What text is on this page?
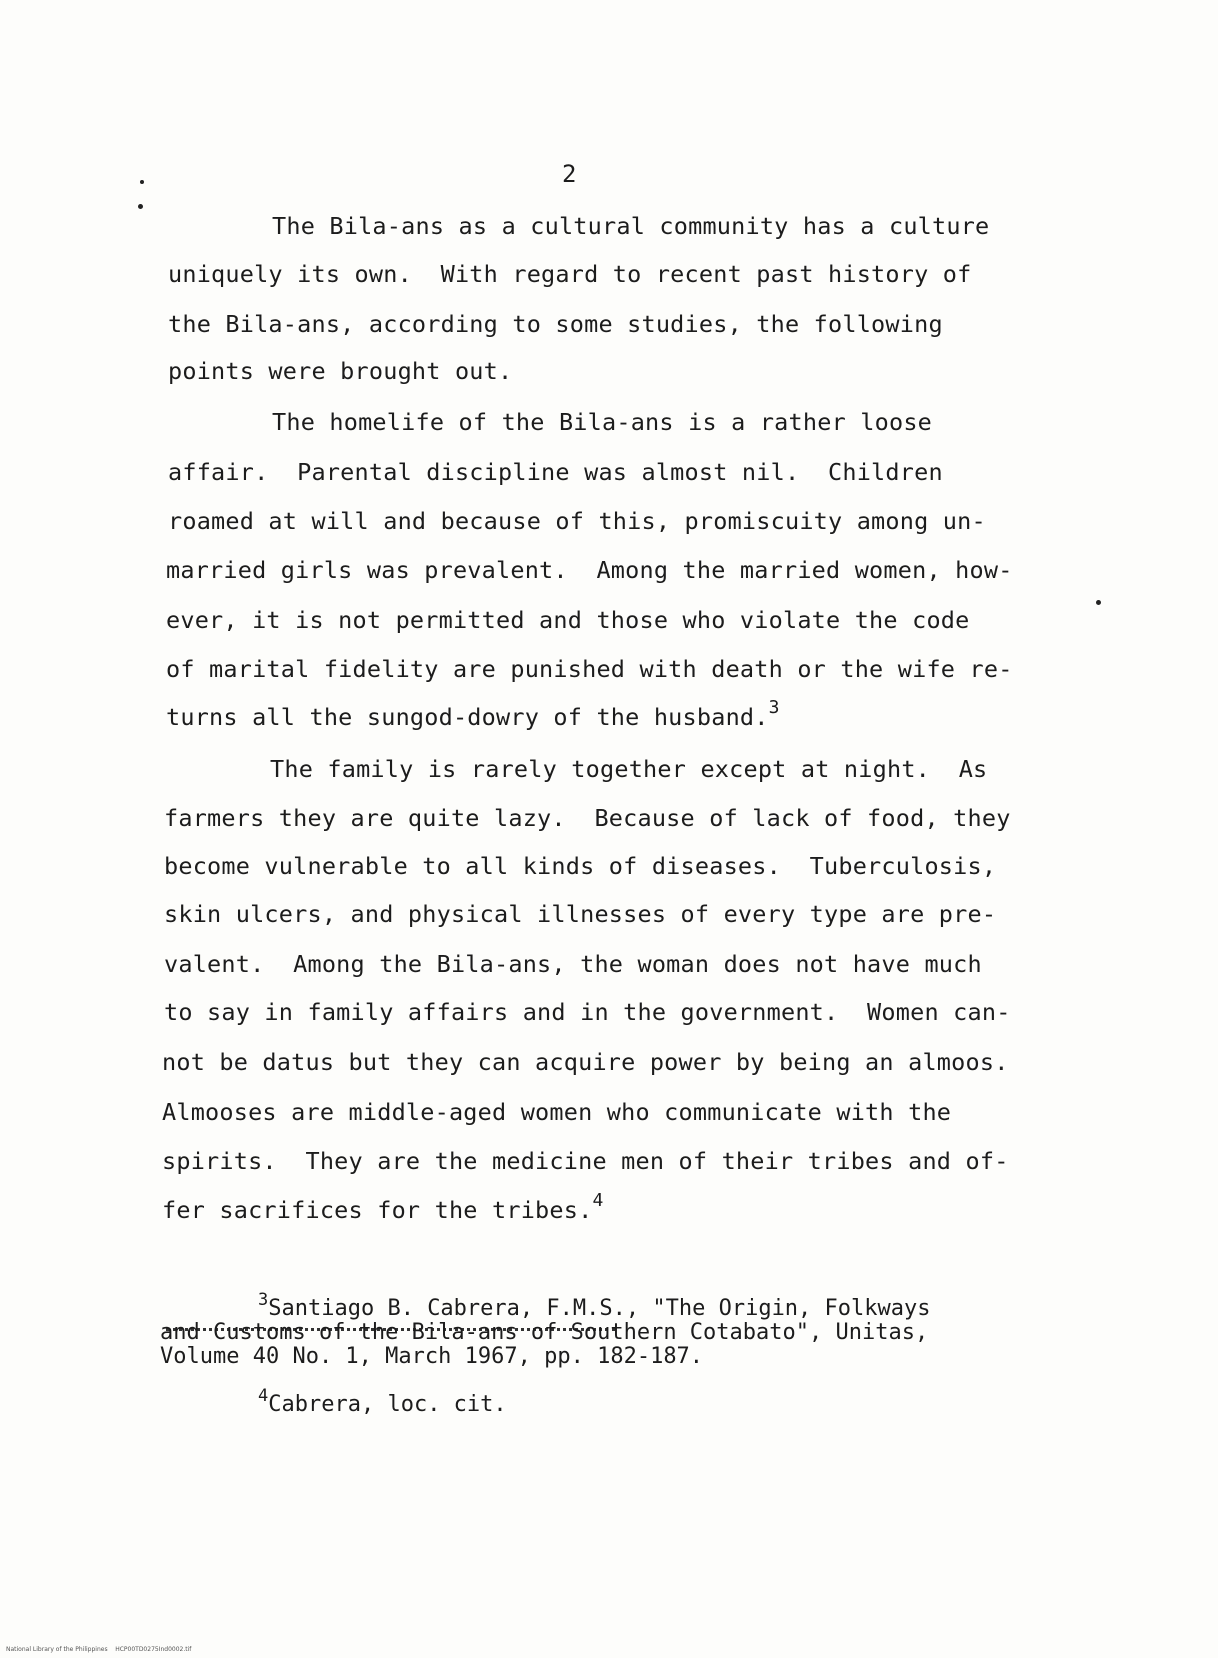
2
The Bila-ans as a cultural community has a culture
uniquely its own.  With regard to recent past history of
the Bila-ans, according to some studies, the following
points were brought out.
The homelife of the Bila-ans is a rather loose
affair.  Parental discipline was almost nil.  Children
roamed at will and because of this, promiscuity among un-
married girls was prevalent.  Among the married women, how-
ever, it is not permitted and those who violate the code
of marital fidelity are punished with death or the wife re-
turns all the sungod-dowry of the husband.$^3$
The family is rarely together except at night.  As
farmers they are quite lazy.  Because of lack of food, they
become vulnerable to all kinds of diseases.  Tuberculosis,
skin ulcers, and physical illnesses of every type are pre-
valent.  Among the Bila-ans, the woman does not have much
to say in family affairs and in the government.  Women can-
not be datus but they can acquire power by being an almoos.
Almooses are middle-aged women who communicate with the
spirits.  They are the medicine men of their tribes and of-
fer sacrifices for the tribes.$^4$
$^3$Santiago B. Cabrera, F.M.S., "The Origin, Folkways
and Customs of the Bila-ans of Southern Cotabato", Unitas,
Volume 40 No. 1, March 1967, pp. 182-187.
$^4$Cabrera, loc. cit.
National Library of the Philippines    HCP00TD0275Ind0002.tif
